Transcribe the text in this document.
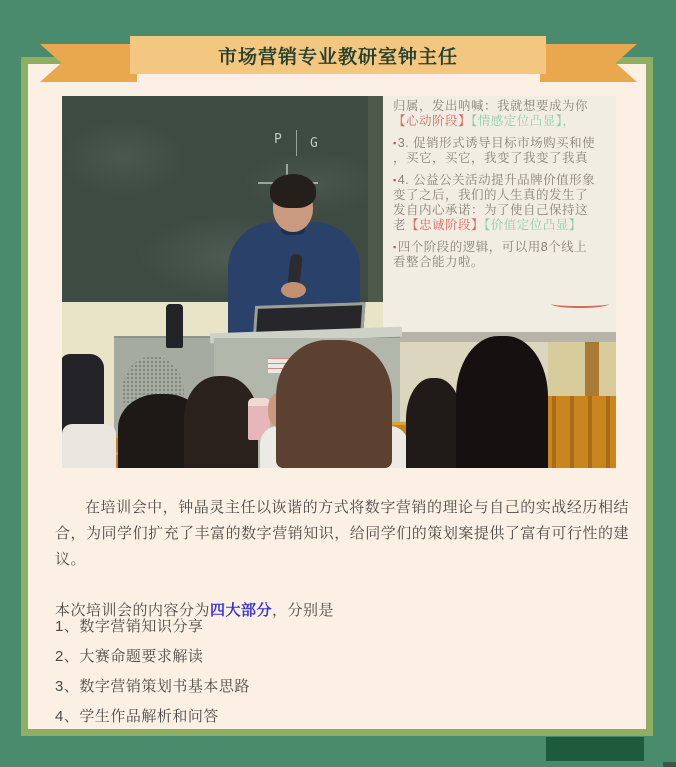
市场营销专业教研室钟主任
P G
归属，发出呐喊：我就想要成为你
【心动阶段】【情感定位凸显】，
▪3. 促销形式诱导目标市场购买和使
，买它，买它，我变了我变了我真
▪4. 公益公关活动提升品牌价值形象
变了之后，我们的人生真的发生了
发自内心承诺：为了使自己保持这
老【忠诚阶段】【价值定位凸显】
▪四个阶段的逻辑，可以用8个线上
看整合能力啦。

在培训会中，钟晶灵主任以诙谐的方式将数字营销的理论与自己的实战经历相结合，为同学们扩充了丰富的数字营销知识，给同学们的策划案提供了富有可行性的建议。

本次培训会的内容分为四大部分，分别是

1、数字营销知识分享
2、大赛命题要求解读
3、数字营销策划书基本思路
4、学生作品解析和问答
